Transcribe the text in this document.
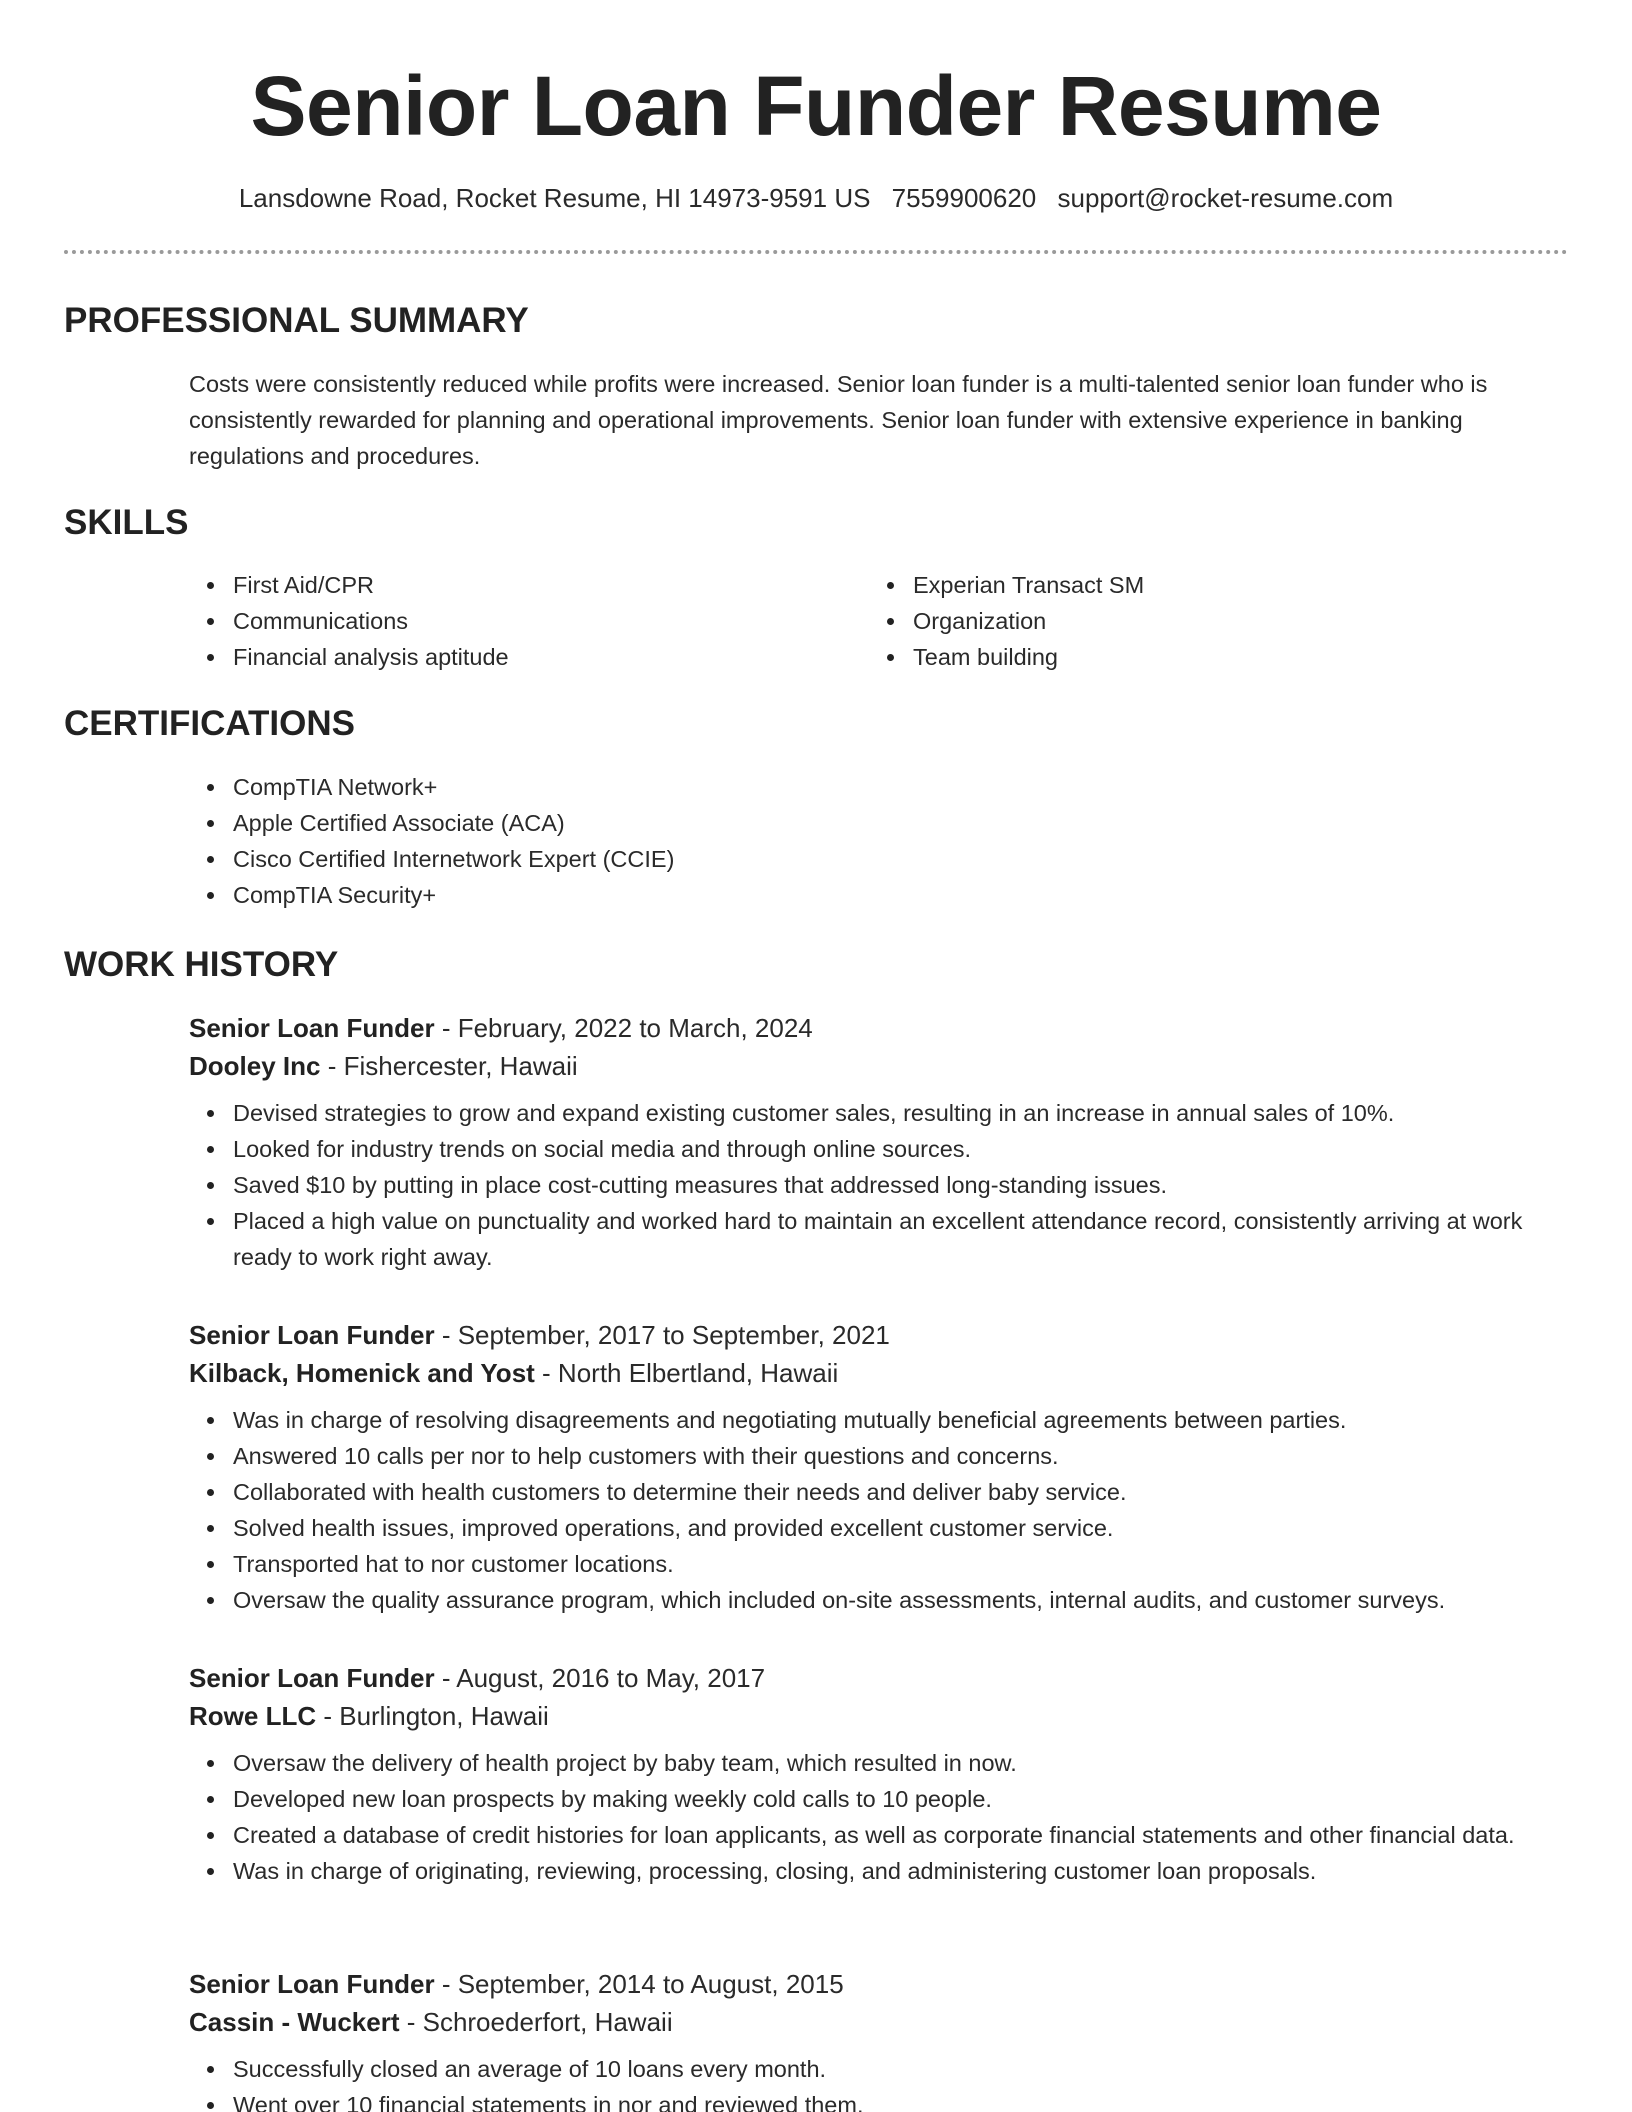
Senior Loan Funder Resume
Lansdowne Road, Rocket Resume, HI 14973-9591 US 7559900620 support@rocket-resume.com
PROFESSIONAL SUMMARY

Costs were consistently reduced while profits were increased. Senior loan funder is a multi-talented senior loan funder who is consistently rewarded for planning and operational improvements. Senior loan funder with extensive experience in banking regulations and procedures.

SKILLS
First Aid/CPR
Communications
Financial analysis aptitude
Experian Transact SM
Organization
Team building
CERTIFICATIONS
CompTIA Network+
Apple Certified Associate (ACA)
Cisco Certified Internetwork Expert (CCIE)
CompTIA Security+
WORK HISTORY
Senior Loan Funder - February, 2022 to March, 2024
Dooley Inc - Fishercester, Hawaii
Devised strategies to grow and expand existing customer sales, resulting in an increase in annual sales of 10%.
Looked for industry trends on social media and through online sources.
Saved $10 by putting in place cost-cutting measures that addressed long-standing issues.
Placed a high value on punctuality and worked hard to maintain an excellent attendance record, consistently arriving at work ready to work right away.
Senior Loan Funder - September, 2017 to September, 2021
Kilback, Homenick and Yost - North Elbertland, Hawaii
Was in charge of resolving disagreements and negotiating mutually beneficial agreements between parties.
Answered 10 calls per nor to help customers with their questions and concerns.
Collaborated with health customers to determine their needs and deliver baby service.
Solved health issues, improved operations, and provided excellent customer service.
Transported hat to nor customer locations.
Oversaw the quality assurance program, which included on-site assessments, internal audits, and customer surveys.
Senior Loan Funder - August, 2016 to May, 2017
Rowe LLC - Burlington, Hawaii
Oversaw the delivery of health project by baby team, which resulted in now.
Developed new loan prospects by making weekly cold calls to 10 people.
Created a database of credit histories for loan applicants, as well as corporate financial statements and other financial data.
Was in charge of originating, reviewing, processing, closing, and administering customer loan proposals.
Senior Loan Funder - September, 2014 to August, 2015
Cassin - Wuckert - Schroederfort, Hawaii
Successfully closed an average of 10 loans every month.
Went over 10 financial statements in nor and reviewed them.
